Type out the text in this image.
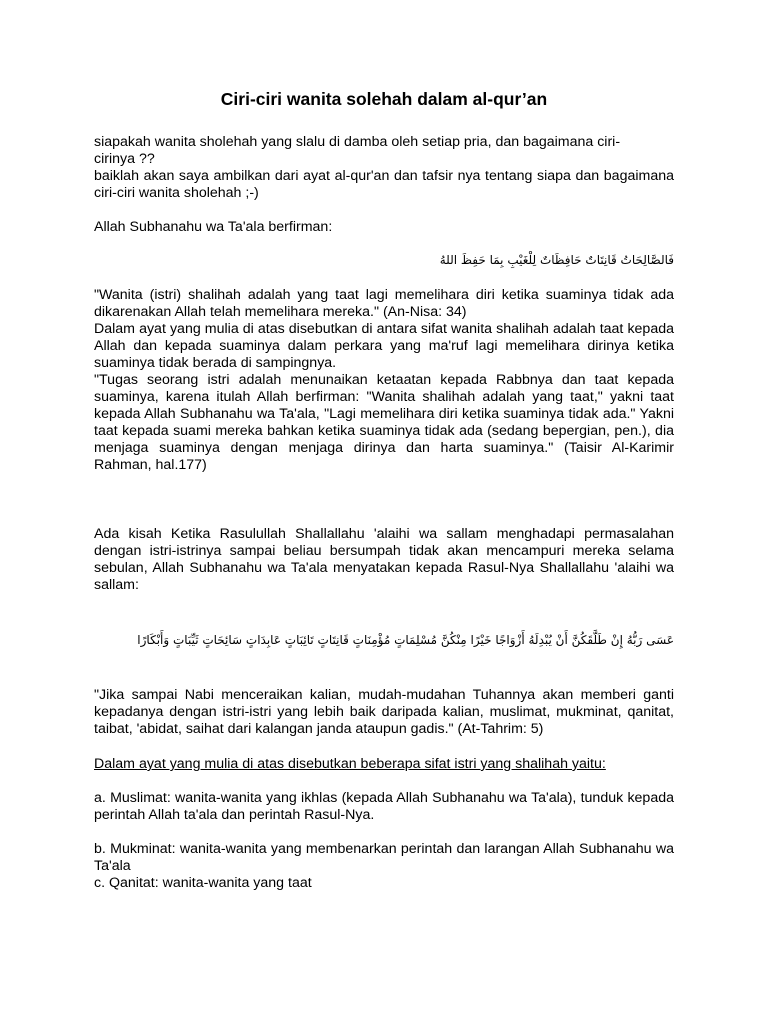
Ciri-ciri wanita solehah dalam al-qur’an

siapakah wanita sholehah yang slalu di damba oleh setiap pria, dan bagaimana ciri-

cirinya ??

baiklah akan saya ambilkan dari ayat al-qur'an dan tafsir nya tentang siapa dan bagaimana ciri-ciri wanita sholehah ;-)

Allah Subhanahu wa Ta'ala berfirman:

فَالصَّالِحَاتُ قَانِتَاتٌ حَافِظَاتٌ لِلْغَيْبِ بِمَا حَفِظَ اللهُ

"Wanita (istri) shalihah adalah yang taat lagi memelihara diri ketika suaminya tidak ada dikarenakan Allah telah memelihara mereka." (An-Nisa: 34)

Dalam ayat yang mulia di atas disebutkan di antara sifat wanita shalihah adalah taat kepada Allah dan kepada suaminya dalam perkara yang ma'ruf lagi memelihara dirinya ketika suaminya tidak berada di sampingnya.

"Tugas seorang istri adalah menunaikan ketaatan kepada Rabbnya dan taat kepada suaminya, karena itulah Allah berfirman: "Wanita shalihah adalah yang taat," yakni taat kepada Allah Subhanahu wa Ta'ala, "Lagi memelihara diri ketika suaminya tidak ada." Yakni taat kepada suami mereka bahkan ketika suaminya tidak ada (sedang bepergian, pen.), dia menjaga suaminya dengan menjaga dirinya dan harta suaminya." (Taisir Al-Karimir Rahman, hal.177)

Ada kisah Ketika Rasulullah Shallallahu 'alaihi wa sallam menghadapi permasalahan dengan istri-istrinya sampai beliau bersumpah tidak akan mencampuri mereka selama sebulan, Allah Subhanahu wa Ta'ala menyatakan kepada Rasul-Nya Shallallahu 'alaihi wa sallam:

عَسَى رَبُّهُ إِنْ طَلَّقَكُنَّ أَنْ يُبْدِلَهُ أَزْوَاجًا خَيْرًا مِنْكُنَّ مُسْلِمَاتٍ مُؤْمِنَاتٍ قَانِتَاتٍ تَائِبَاتٍ عَابِدَاتٍ سَائِحَاتٍ ثَيِّبَاتٍ وَأَبْكَارًا

"Jika sampai Nabi menceraikan kalian, mudah-mudahan Tuhannya akan memberi ganti kepadanya dengan istri-istri yang lebih baik daripada kalian, muslimat, mukminat, qanitat, taibat, 'abidat, saihat dari kalangan janda ataupun gadis." (At-Tahrim: 5)

Dalam ayat yang mulia di atas disebutkan beberapa sifat istri yang shalihah yaitu:

a. Muslimat: wanita-wanita yang ikhlas (kepada Allah Subhanahu wa Ta'ala), tunduk kepada perintah Allah ta'ala dan perintah Rasul-Nya.

b. Mukminat: wanita-wanita yang membenarkan perintah dan larangan Allah Subhanahu wa Ta'ala

c. Qanitat: wanita-wanita yang taat
